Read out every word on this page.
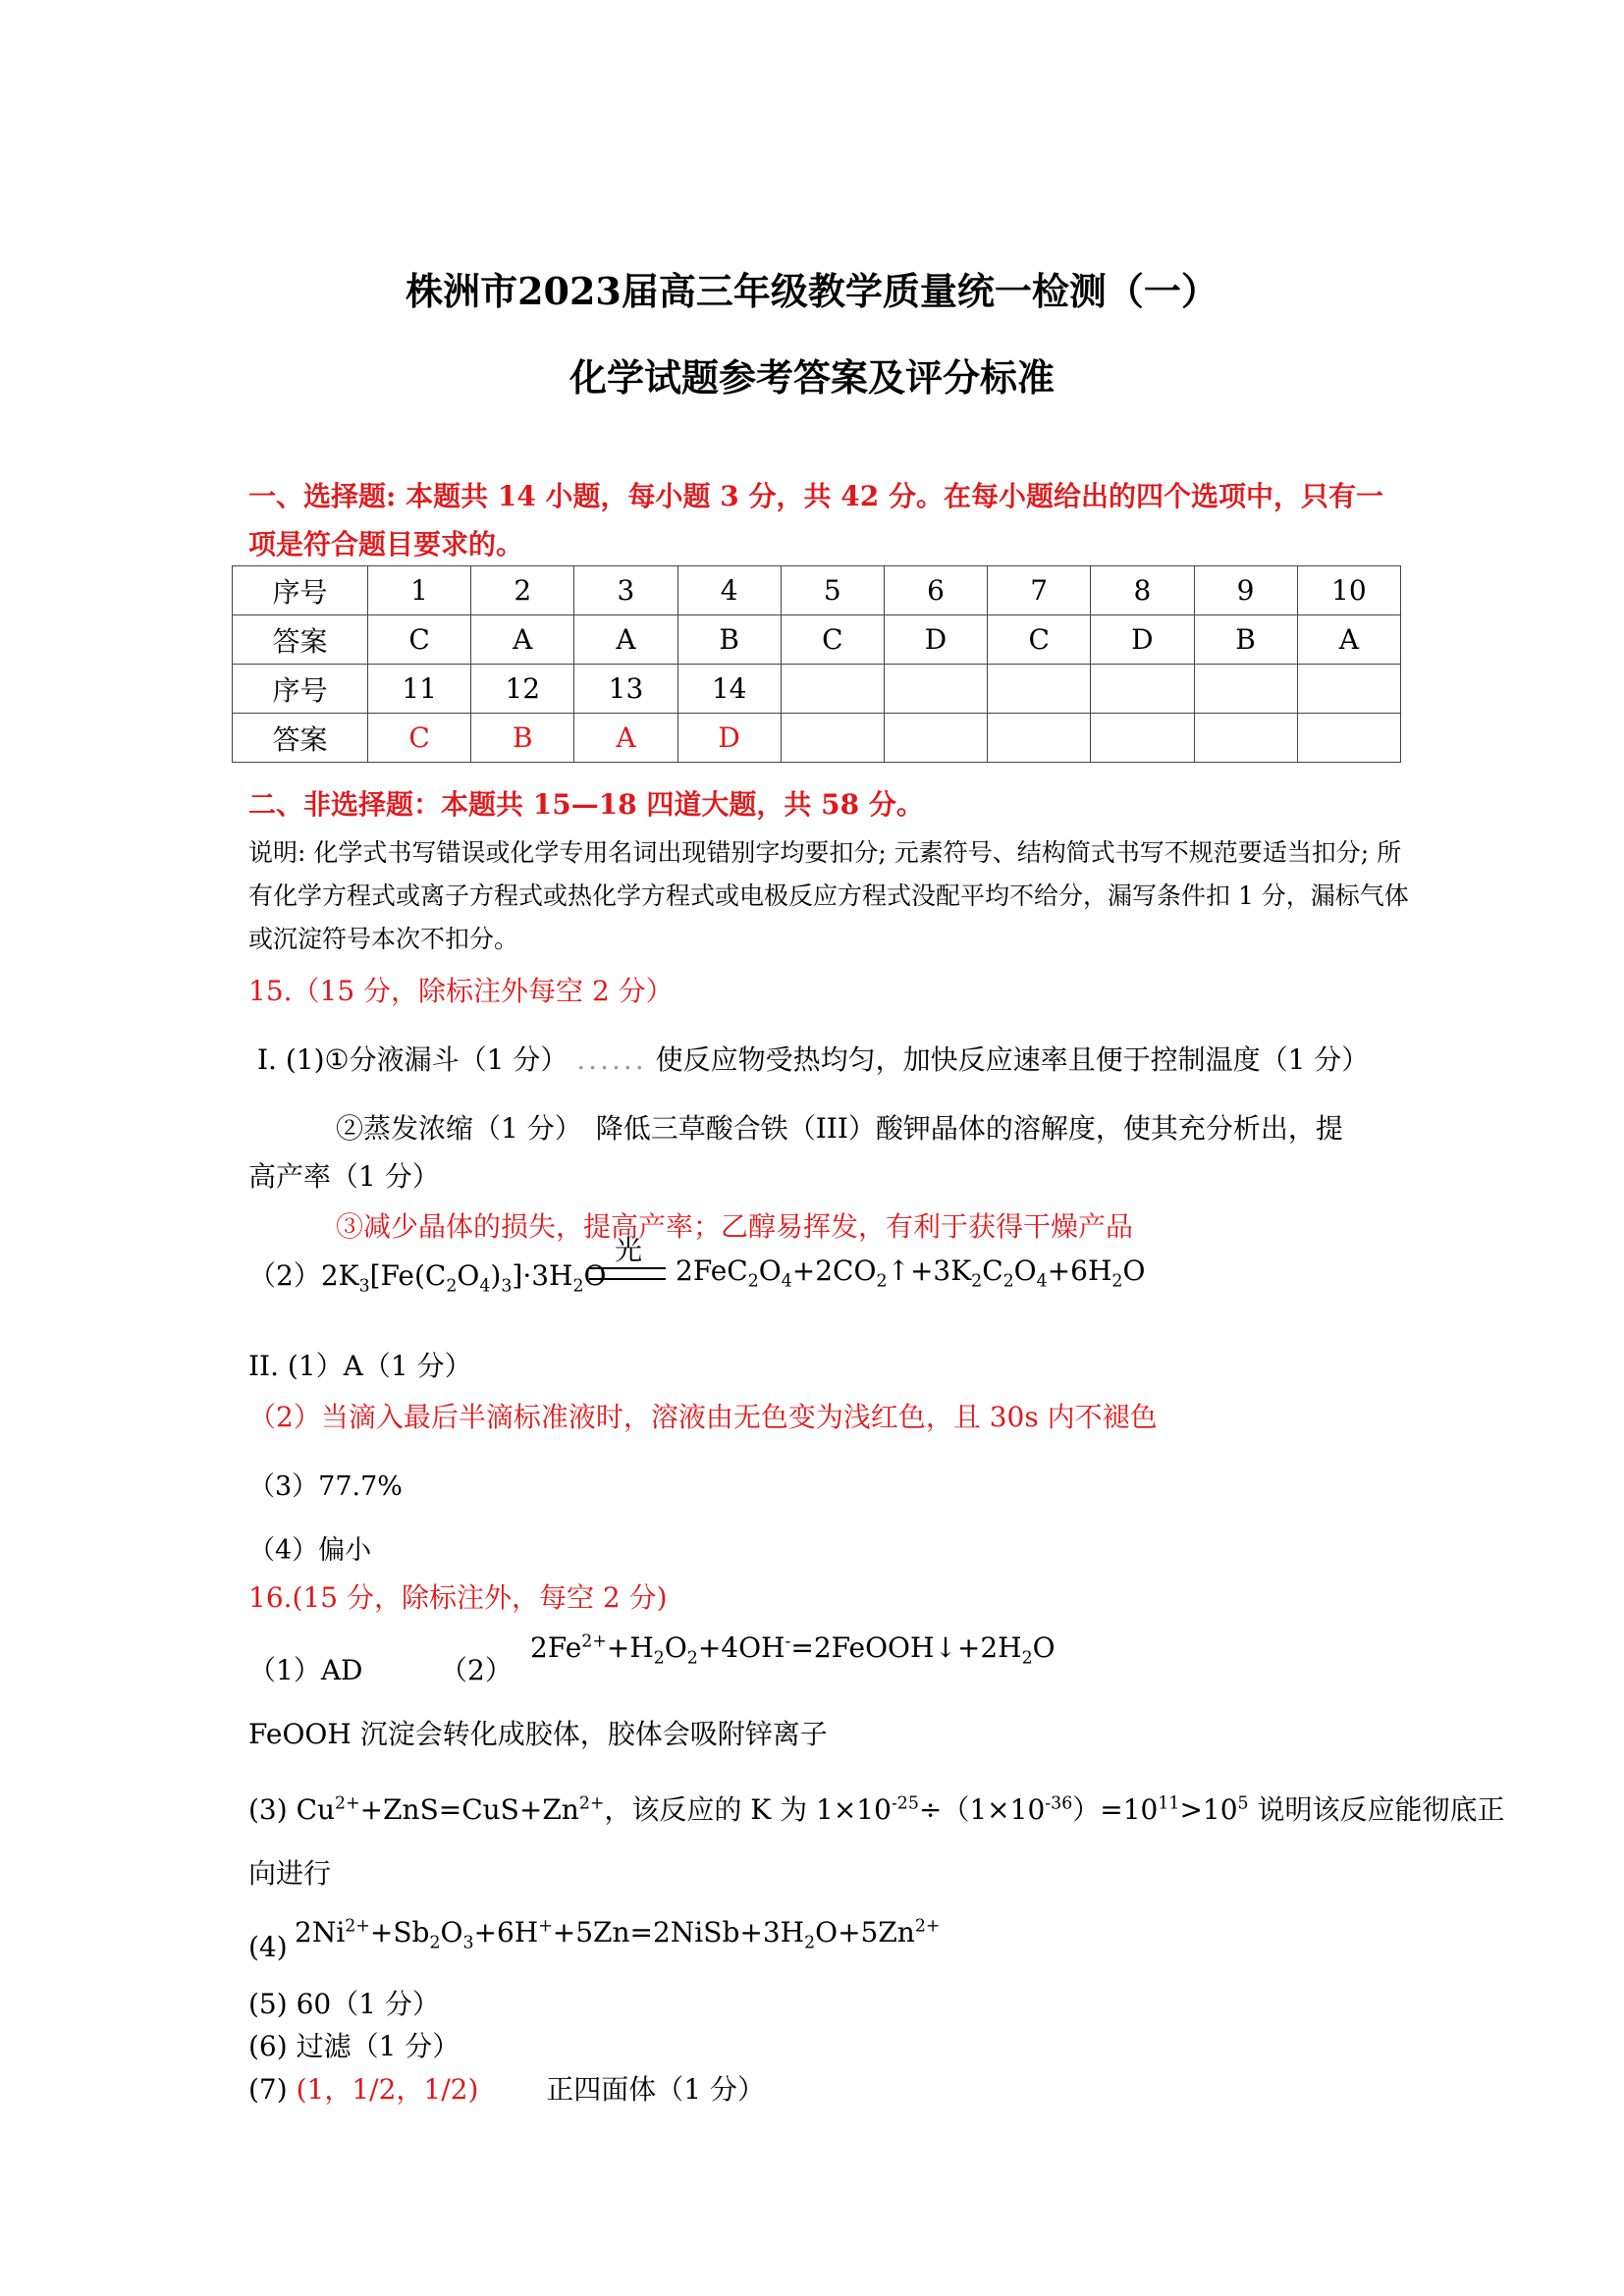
株洲市2023届高三年级教学质量统一检测（一）
化学试题参考答案及评分标准
一、选择题: 本题共 14 小题，每小题 3 分，共 42 分。在每小题给出的四个选项中，只有一
项是符合题目要求的。
序号	1	2	3	4	5	6	7	8	9	10
答案	C	A	A	B	C	D	C	D	B	A
序号	11	12	13	14						
答案	C	B	A	D						
二、非选择题：本题共 15—18 四道大题，共 58 分。
说明: 化学式书写错误或化学专用名词出现错别字均要扣分; 元素符号、结构简式书写不规范要适当扣分; 所有化学方程式或离子方程式或热化学方程式或电极反应方程式没配平均不给分，漏写条件扣 1 分，漏标气体或沉淀符号本次不扣分。
15.（15 分，除标注外每空 2 分）
Ⅰ. (1)①分液漏斗（1 分） ...... 使反应物受热均匀，加快反应速率且便于控制温度（1 分）
②蒸发浓缩（1 分）　降低三草酸合铁（III）酸钾晶体的溶解度，使其充分析出，提
高产率（1 分）
③减少晶体的损失，提高产率；乙醇易挥发，有利于获得干燥产品
$(2)2K_3[Fe(C_2O_4)_3]\cdot 3H_2O$
光
$2FeC_2O_4+2CO_2↑+3K_2C_2O_4+6H_2O$
II. (1）A（1 分）
（2）当滴入最后半滴标准液时，溶液由无色变为浅红色，且 30s 内不褪色
（3）77.7%
（4）偏小
16.(15 分，除标注外，每空 2 分)
（1）AD	（2）
$2Fe^{2+}+H_2O_2+4OH^-=2FeOOH↓+2H_2O$
FeOOH 沉淀会转化成胶体，胶体会吸附锌离子
(3) $Cu^{2+}+ZnS=CuS+Zn^{2+}$，该反应的 K 为 $1\times 10^{-25}\div(1\times 10^{-36})=10^{11}>10^5$ 说明该反应能彻底正
向进行
(4) $2Ni^{2+}+Sb_2O_3+6H^++5Zn=2NiSb+3H_2O+5Zn^{2+}$
(5) 60（1 分）
(6) 过滤（1 分）
(7) (1，1/2，1/2) 正四面体（1 分）
